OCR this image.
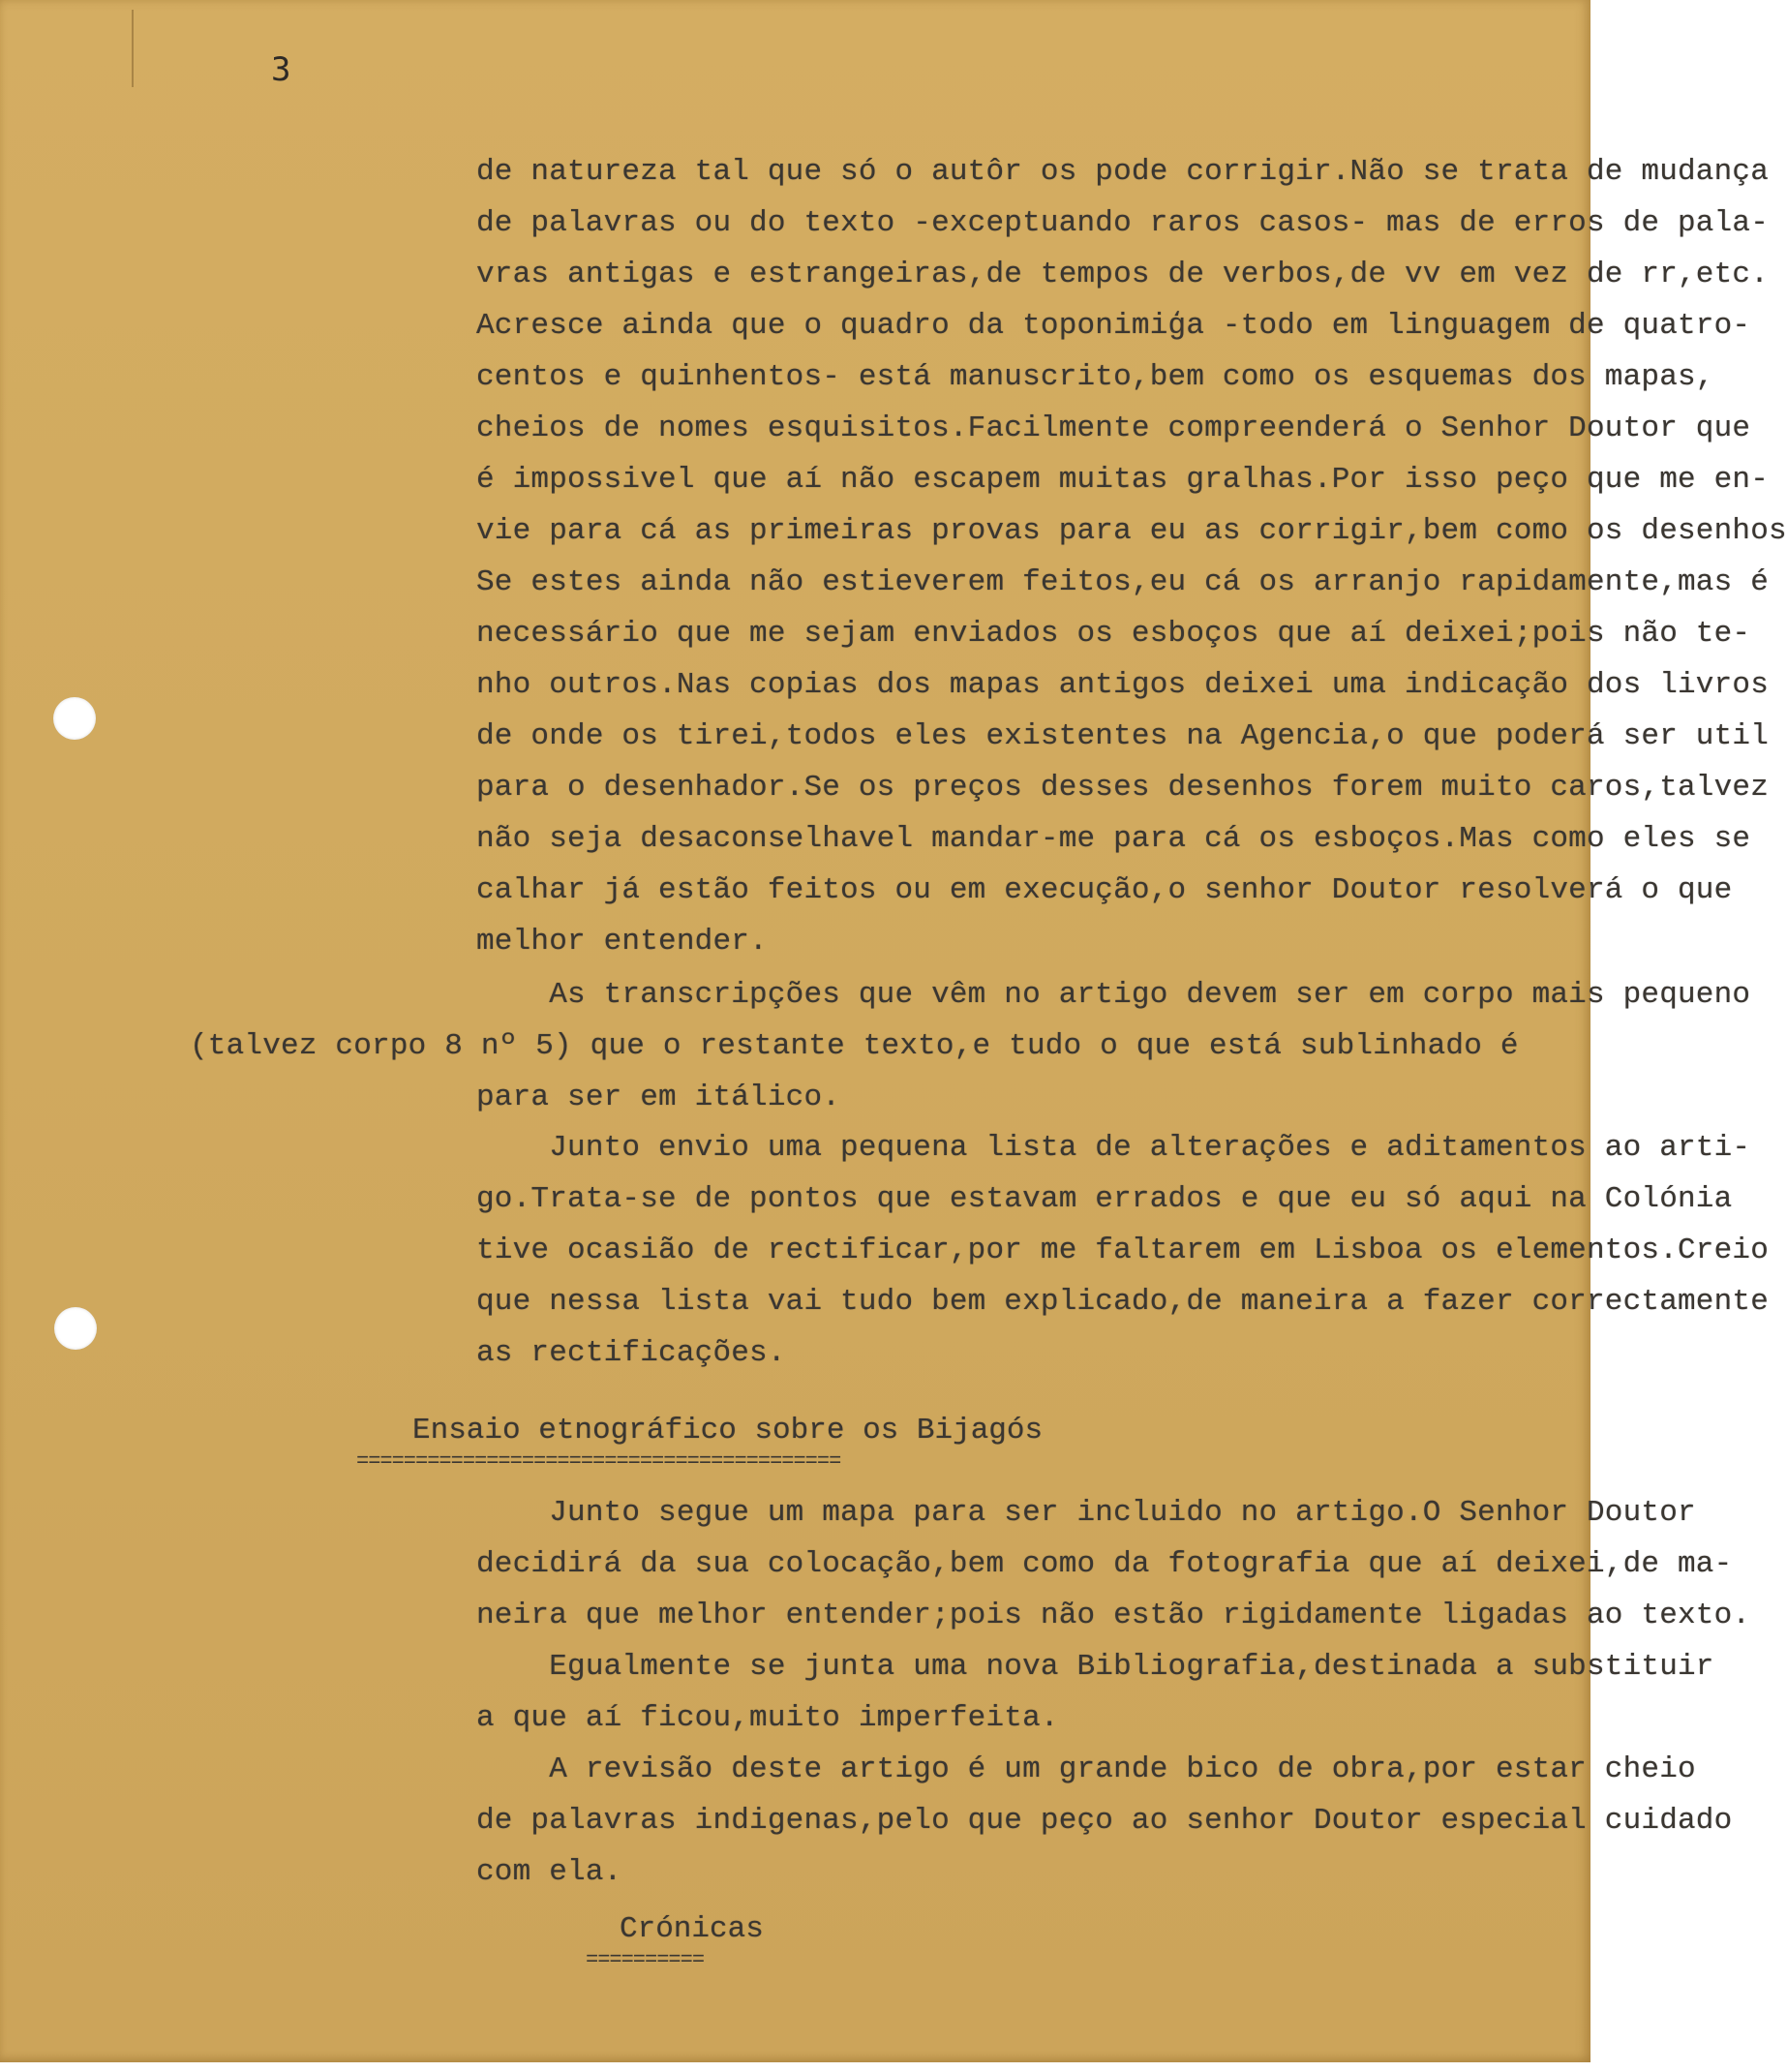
3

de natureza tal que só o autôr os pode corrigir.Não se trata de mudança

de palavras ou do texto -exceptuando raros casos- mas de erros de pala-

vras antigas e estrangeiras,de tempos de verbos,de vv em vez de rr,etc.

Acresce ainda que o quadro da toponimiģa -todo em linguagem de quatro-

centos e quinhentos- está manuscrito,bem como os esquemas dos mapas,

cheios de nomes esquisitos.Facilmente compreenderá o Senhor Doutor que

é impossivel que aí não escapem muitas gralhas.Por isso peço que me en-

vie para cá as primeiras provas para eu as corrigir,bem como os desenhos

Se estes ainda não estieverem feitos,eu cá os arranjo rapidamente,mas é

necessário que me sejam enviados os esboços que aí deixei;pois não te-

nho outros.Nas copias dos mapas antigos deixei uma indicação dos livros

de onde os tirei,todos eles existentes na Agencia,o que poderá ser util

para o desenhador.Se os preços desses desenhos forem muito caros,talvez

não seja desaconselhavel mandar-me para cá os esboços.Mas como eles se

calhar já estão feitos ou em execução,o senhor Doutor resolverá o que

melhor entender.

As transcripções que vêm no artigo devem ser em corpo mais pequeno

(talvez corpo 8 nº 5) que o restante texto,e tudo o que está sublinhado é

para ser em itálico.

Junto envio uma pequena lista de alterações e aditamentos ao arti-

go.Trata-se de pontos que estavam errados e que eu só aqui na Colónia

tive ocasião de rectificar,por me faltarem em Lisboa os elementos.Creio

que nessa lista vai tudo bem explicado,de maneira a fazer correctamente

as rectificações.

Ensaio etnográfico sobre os Bijagós
=========================================

Junto segue um mapa para ser incluido no artigo.O Senhor Doutor

decidirá da sua colocação,bem como da fotografia que aí deixei,de ma-

neira que melhor entender;pois não estão rigidamente ligadas ao texto.

Egualmente se junta uma nova Bibliografia,destinada a substituir

a que aí ficou,muito imperfeita.

A revisão deste artigo é um grande bico de obra,por estar cheio

de palavras indigenas,pelo que peço ao senhor Doutor especial cuidado

com ela.

Crónicas
==========
